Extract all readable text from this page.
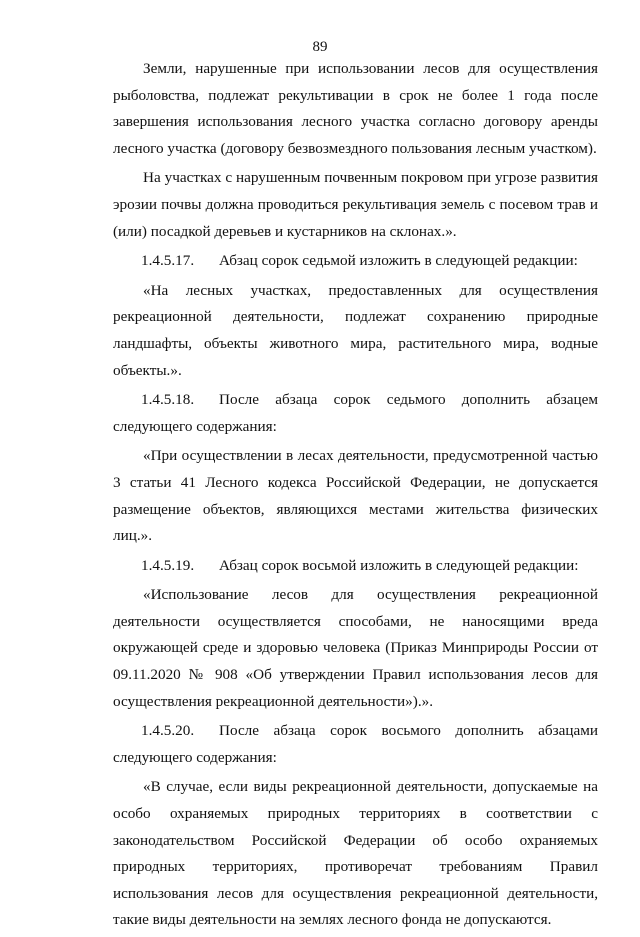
89

Земли, нарушенные при использовании лесов для осуществления рыболовства, подлежат рекультивации в срок не более 1 года после завершения использования лесного участка согласно договору аренды лесного участка (договору безвозмездного пользования лесным участком).

На участках с нарушенным почвенным покровом при угрозе развития эрозии почвы должна проводиться рекультивация земель с посевом трав и (или) посадкой деревьев и кустарников на склонах.».

1.4.5.17. Абзац сорок седьмой изложить в следующей редакции:

«На лесных участках, предоставленных для осуществления рекреационной деятельности, подлежат сохранению природные ландшафты, объекты животного мира, растительного мира, водные объекты.».

1.4.5.18. После абзаца сорок седьмого дополнить абзацем следующего содержания:

«При осуществлении в лесах деятельности, предусмотренной частью 3 статьи 41 Лесного кодекса Российской Федерации, не допускается размещение объектов, являющихся местами жительства физических лиц.».

1.4.5.19. Абзац сорок восьмой изложить в следующей редакции:

«Использование лесов для осуществления рекреационной деятельности осуществляется способами, не наносящими вреда окружающей среде и здоровью человека (Приказ Минприроды России от 09.11.2020 № 908 «Об утверждении Правил использования лесов для осуществления рекреационной деятельности»).».

1.4.5.20. После абзаца сорок восьмого дополнить абзацами следующего содержания:

«В случае, если виды рекреационной деятельности, допускаемые на особо охраняемых природных территориях в соответствии с законодательством Российской Федерации об особо охраняемых природных территориях, противоречат требованиям Правил использования лесов для осуществления рекреационной деятельности, такие виды деятельности на землях лесного фонда не допускаются.
